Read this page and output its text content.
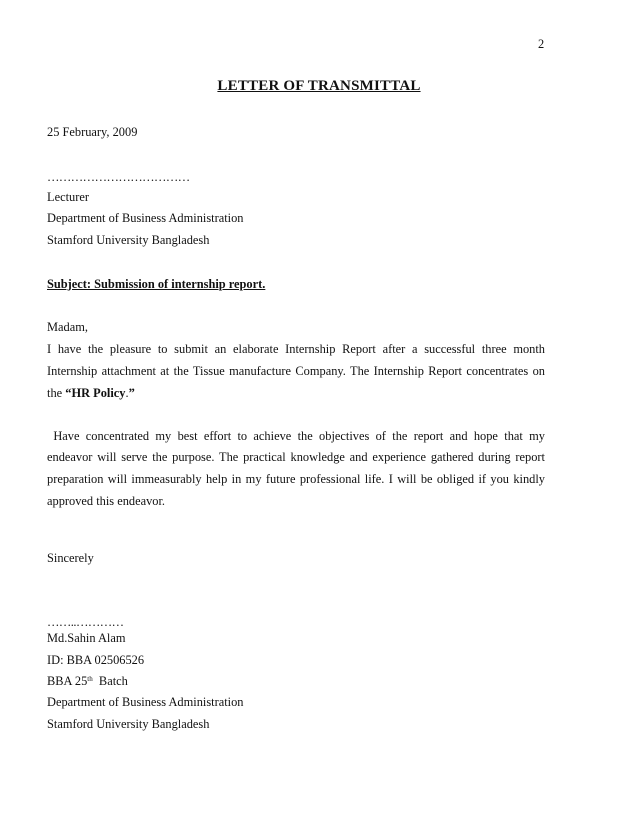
2
LETTER OF TRANSMITTAL
25 February, 2009
………………………………
Lecturer
Department of Business Administration
Stamford University Bangladesh
Subject: Submission of internship report.
Madam,
I have the pleasure to submit an elaborate Internship Report after a successful three month
Internship attachment at the Tissue manufacture Company. The Internship Report concentrates on
the “HR Policy.”
Have concentrated my best effort to achieve the objectives of the report and hope that my
endeavor will serve the purpose. The practical knowledge and experience gathered during report
preparation will immeasurably help in my future professional life. I will be obliged if you kindly
approved this endeavor.
Sincerely
……..…………
Md.Sahin Alam
ID: BBA 02506526
BBA 25th  Batch
Department of Business Administration
Stamford University Bangladesh
